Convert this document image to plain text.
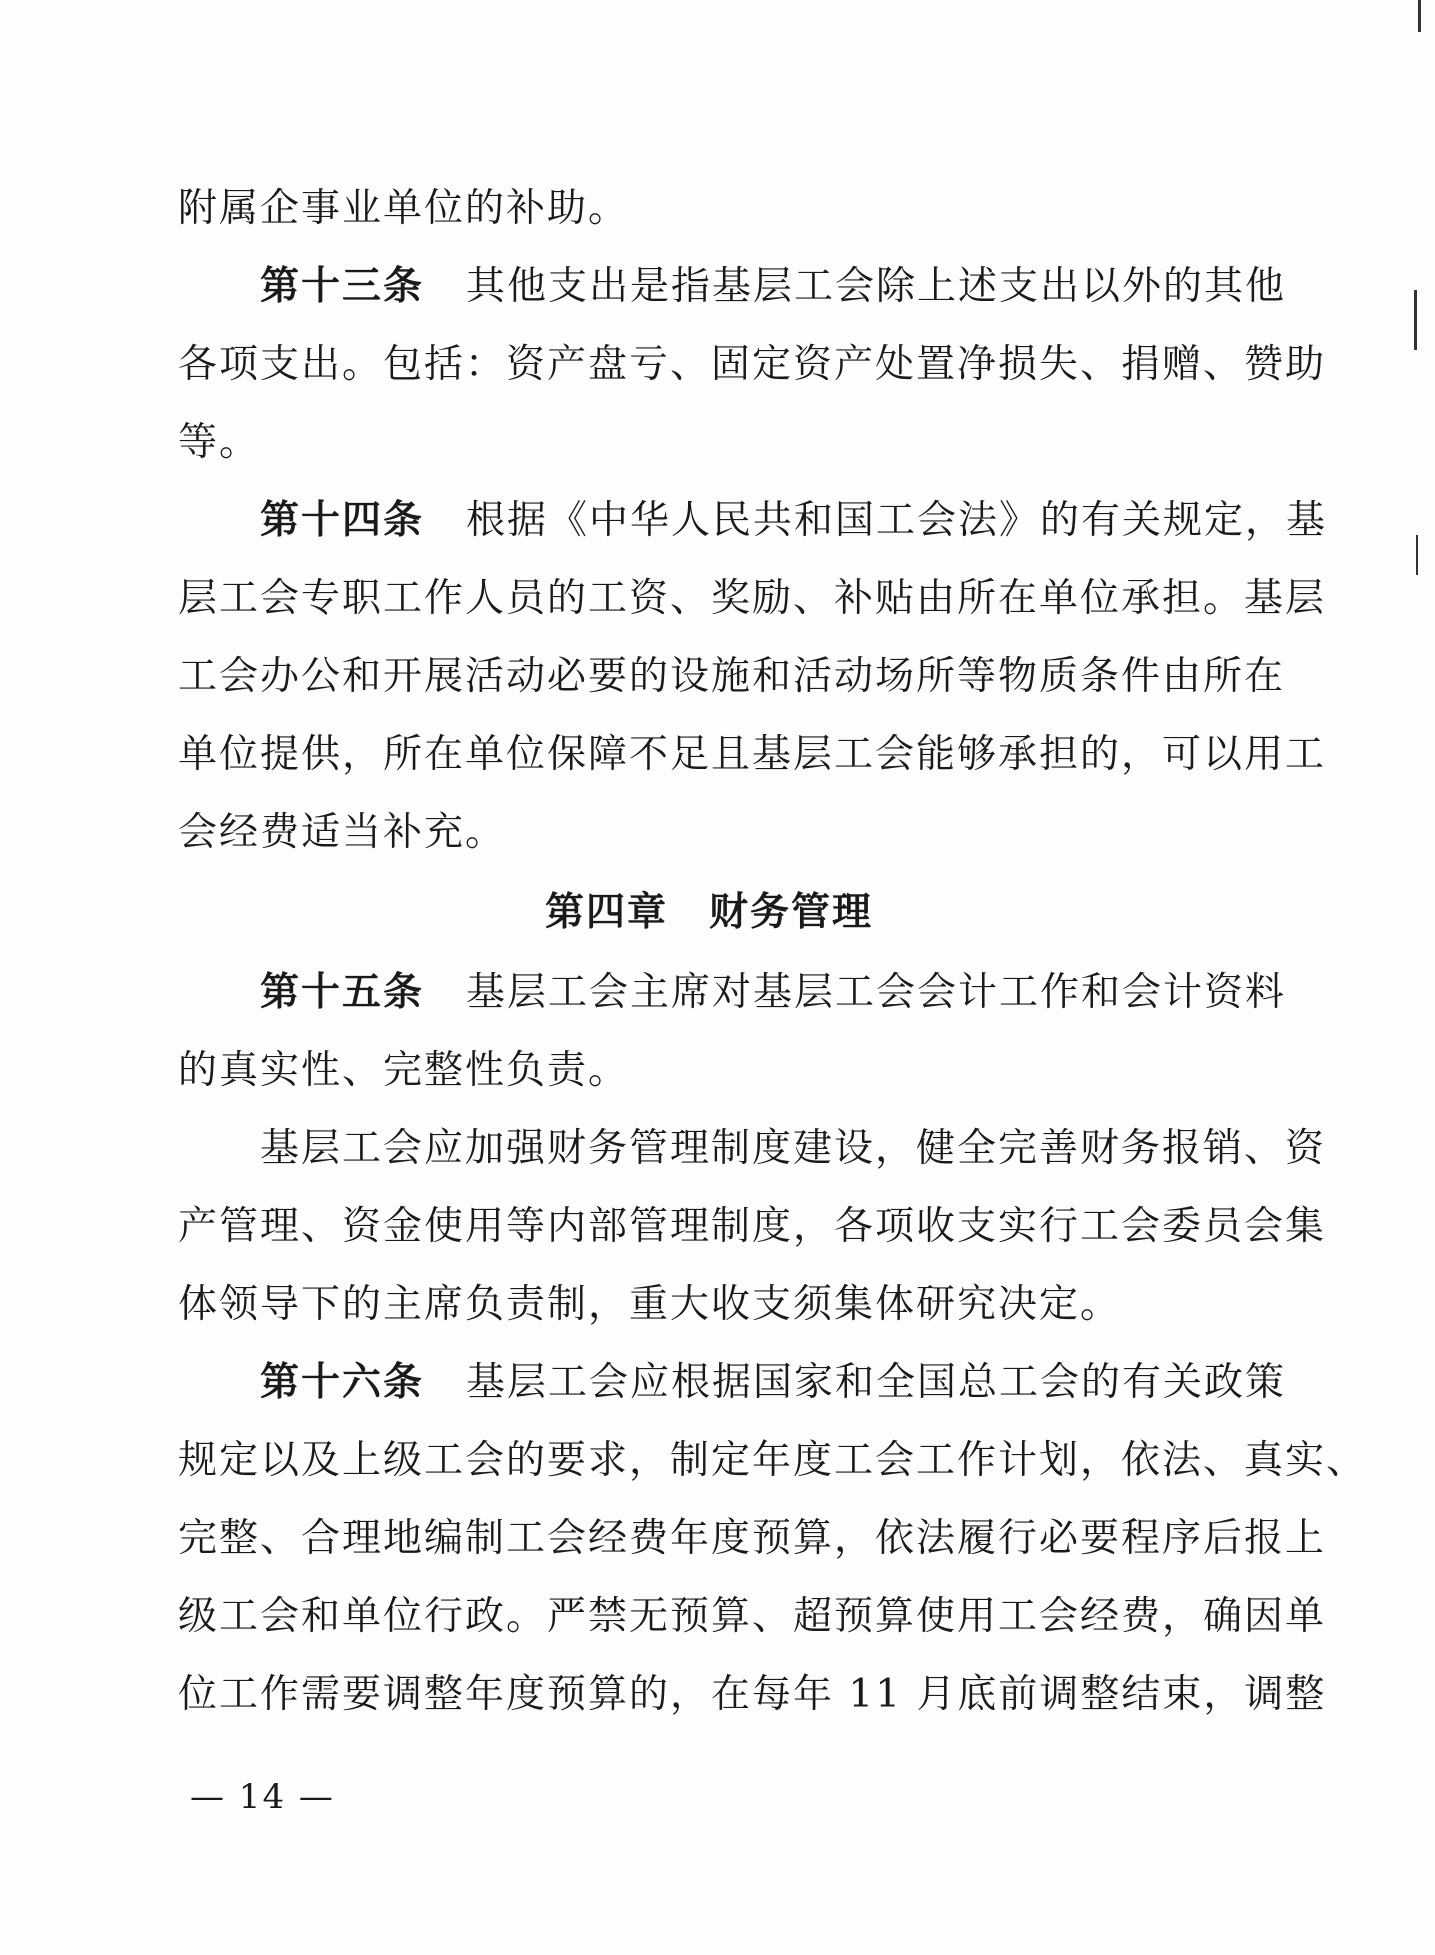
附属企事业单位的补助。
第十三条 其他支出是指基层工会除上述支出以外的其他
各项支出。包括：资产盘亏、固定资产处置净损失、捐赠、赞助
等。
第十四条 根据《中华人民共和国工会法》的有关规定，基
层工会专职工作人员的工资、奖励、补贴由所在单位承担。基层
工会办公和开展活动必要的设施和活动场所等物质条件由所在
单位提供，所在单位保障不足且基层工会能够承担的，可以用工
会经费适当补充。
第四章　财务管理
第十五条 基层工会主席对基层工会会计工作和会计资料
的真实性、完整性负责。
基层工会应加强财务管理制度建设，健全完善财务报销、资
产管理、资金使用等内部管理制度，各项收支实行工会委员会集
体领导下的主席负责制，重大收支须集体研究决定。
第十六条 基层工会应根据国家和全国总工会的有关政策
规定以及上级工会的要求，制定年度工会工作计划，依法、真实、
完整、合理地编制工会经费年度预算，依法履行必要程序后报上
级工会和单位行政。严禁无预算、超预算使用工会经费，确因单
位工作需要调整年度预算的，在每年 11 月底前调整结束，调整
— 14 —
